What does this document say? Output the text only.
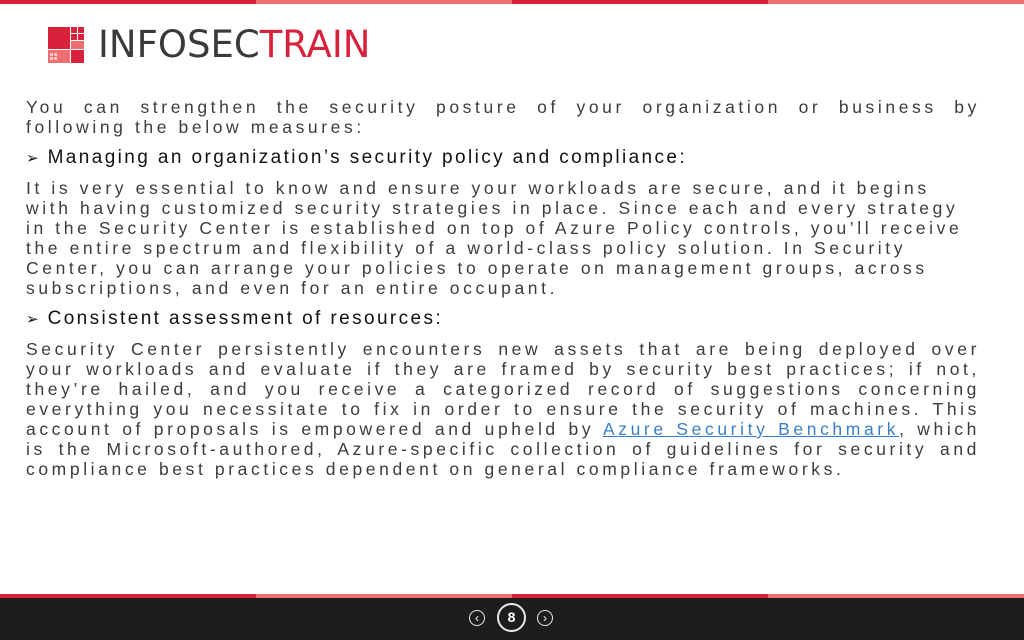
INFOSECTRAIN

You can strengthen the security posture of your organization or business by following the below measures:

➢ Managing an organization’s security policy and compliance:

It is very essential to know and ensure your workloads are secure, and it begins with having customized security strategies in place. Since each and every strategy in the Security Center is established on top of Azure Policy controls, you’ll receive the entire spectrum and flexibility of a world-class policy solution. In Security Center, you can arrange your policies to operate on management groups, across subscriptions, and even for an entire occupant.

➢ Consistent assessment of resources:

Security Center persistently encounters new assets that are being deployed over your workloads and evaluate if they are framed by security best practices; if not, they’re hailed, and you receive a categorized record of suggestions concerning everything you necessitate to fix in order to ensure the security of machines. This account of proposals is empowered and upheld by Azure Security Benchmark, which is the Microsoft-authored, Azure-specific collection of guidelines for security and compliance best practices dependent on general compliance frameworks.

‹	8	›
